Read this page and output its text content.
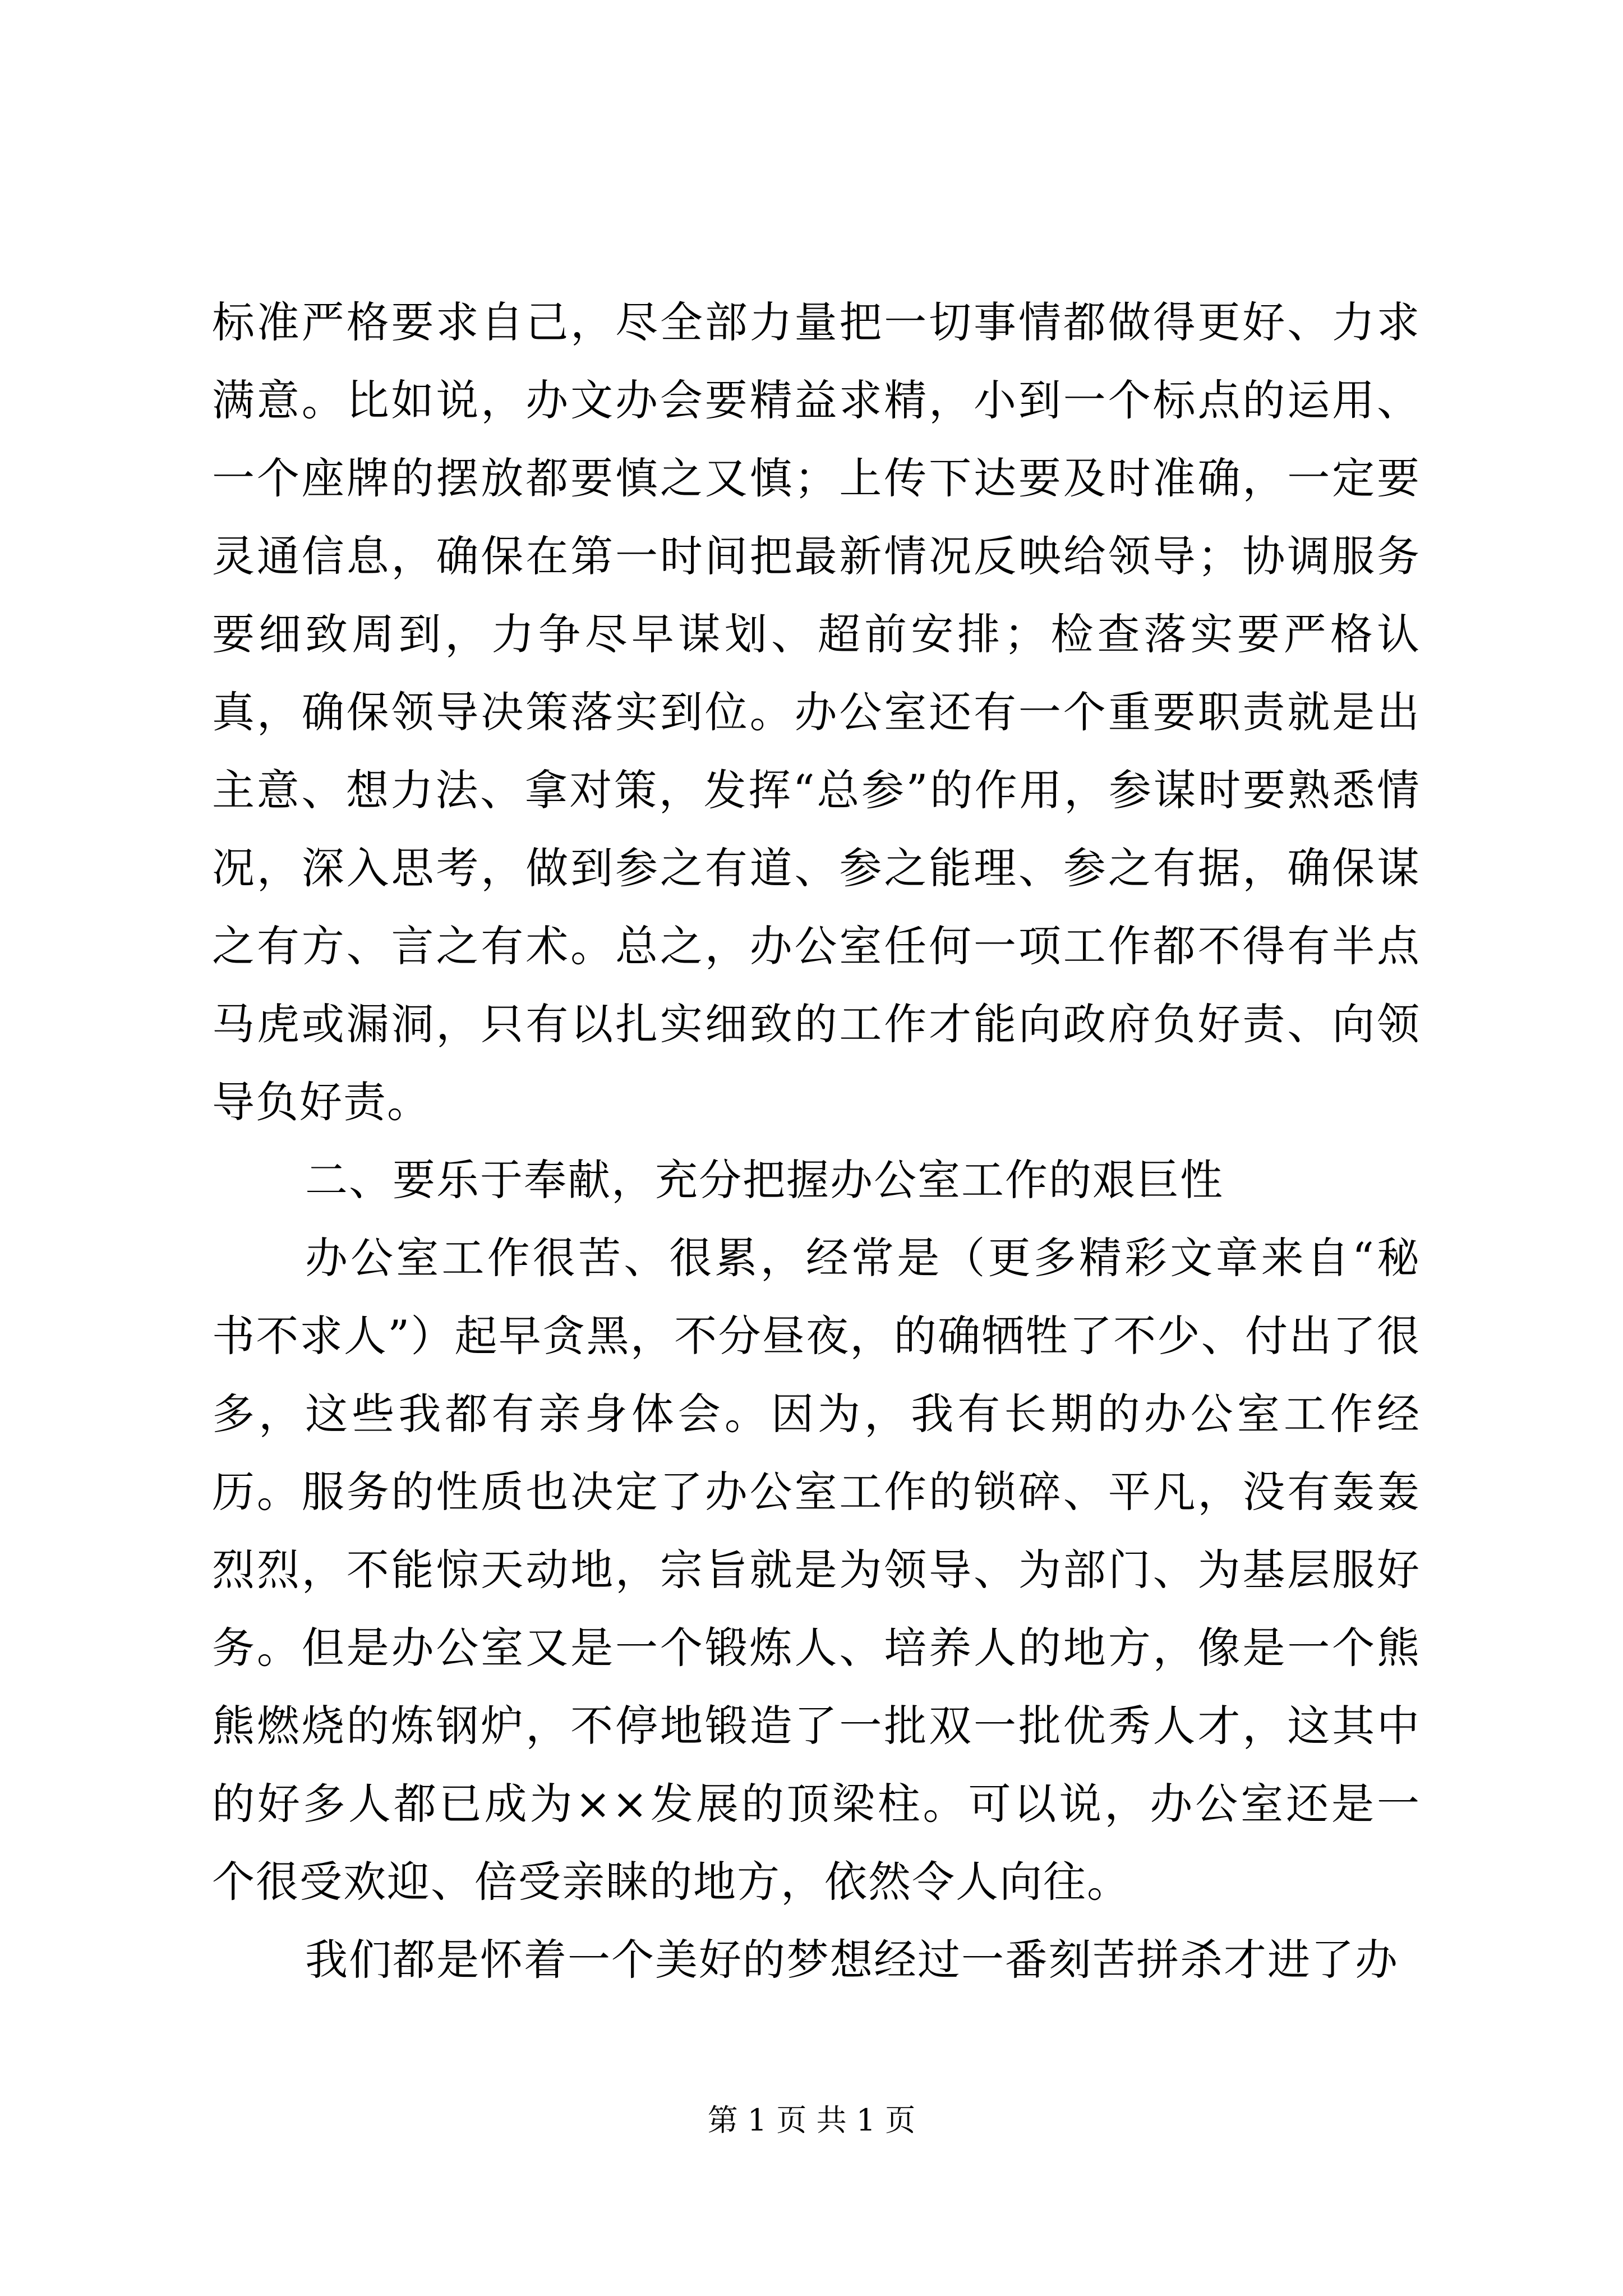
标准严格要求自己，尽全部力量把一切事情都做得更好、力求满意。比如说，办文办会要精益求精，小到一个标点的运用、一个座牌的摆放都要慎之又慎；上传下达要及时准确，一定要灵通信息，确保在第一时间把最新情况反映给领导；协调服务要细致周到，力争尽早谋划、超前安排；检查落实要严格认真，确保领导决策落实到位。办公室还有一个重要职责就是出主意、想力法、拿对策，发挥“总参”的作用，参谋时要熟悉情况，深入思考，做到参之有道、参之能理、参之有据，确保谋之有方、言之有术。总之，办公室任何一项工作都不得有半点马虎或漏洞，只有以扎实细致的工作才能向政府负好责、向领导负好责。

二、要乐于奉献，充分把握办公室工作的艰巨性

办公室工作很苦、很累，经常是（更多精彩文章来自“秘书不求人”）起早贪黑，不分昼夜，的确牺牲了不少、付出了很多，这些我都有亲身体会。因为，我有长期的办公室工作经历。服务的性质也决定了办公室工作的锁碎、平凡，没有轰轰烈烈，不能惊天动地，宗旨就是为领导、为部门、为基层服好务。但是办公室又是一个锻炼人、培养人的地方，像是一个熊熊燃烧的炼钢炉，不停地锻造了一批双一批优秀人才，这其中的好多人都已成为××发展的顶梁柱。可以说，办公室还是一个很受欢迎、倍受亲睐的地方，依然令人向往。

我们都是怀着一个美好的梦想经过一番刻苦拼杀才进了办

第 1 页 共 1 页
